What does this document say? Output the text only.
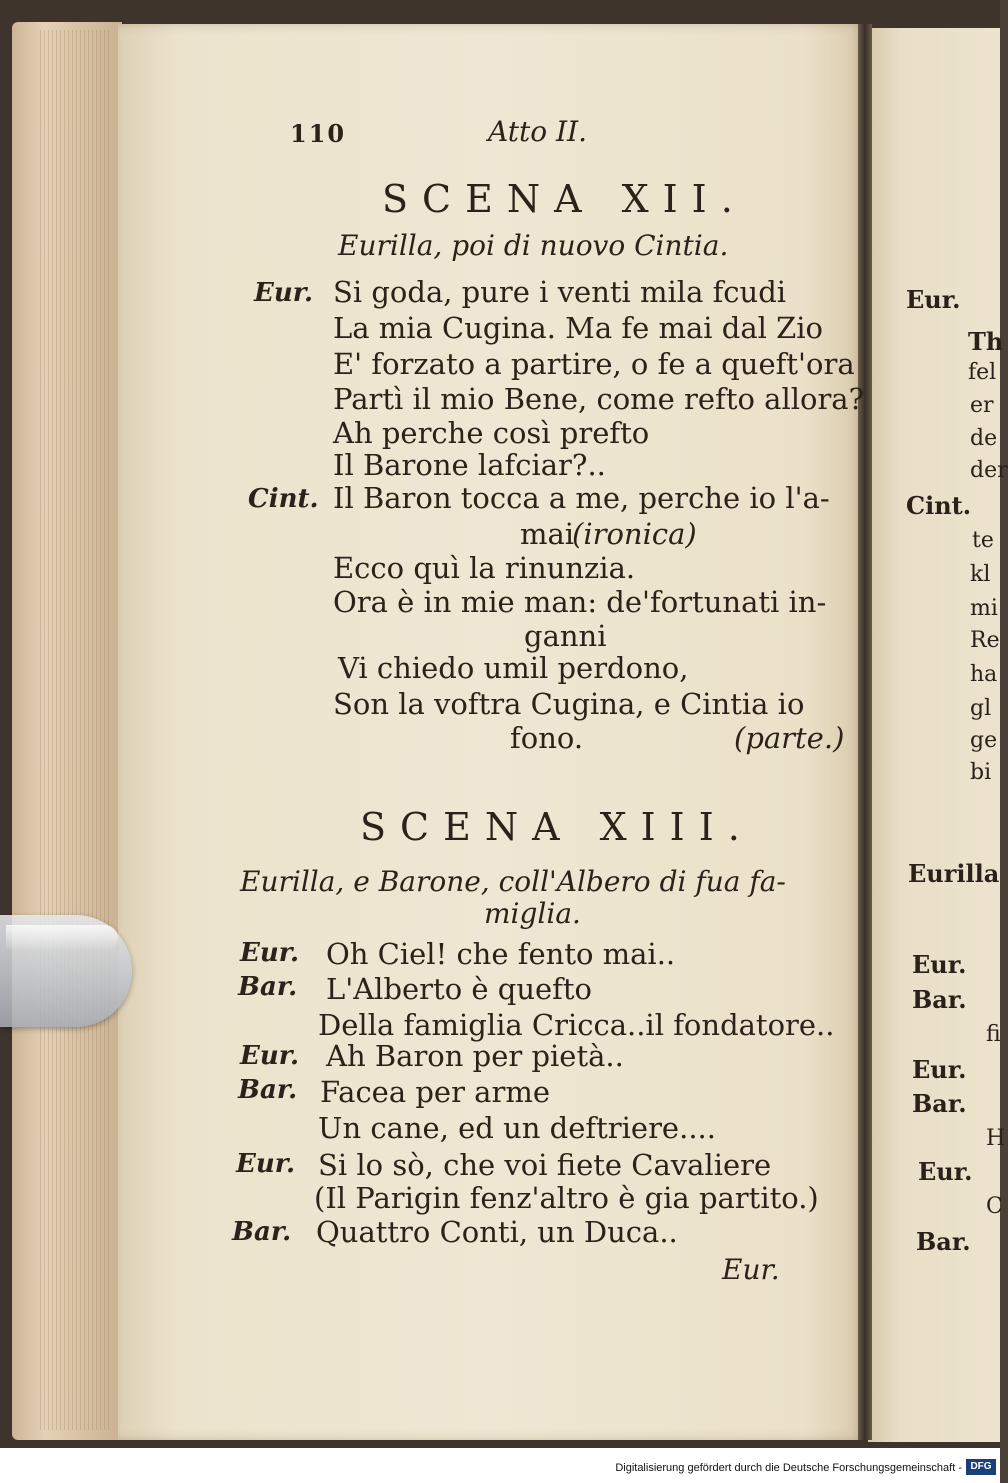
110	Atto II.
SCENA XII.
Eurilla, poi di nuovo Cintia.
Eur. Si goda, pure i venti mila fcudi
La mia Cugina. Ma fe mai dal Zio
E' forzato a partire, o fe a queft'ora
Partì il mio Bene, come refto allora?
Ah perche così prefto
Il Barone lafciar?..
Cint. Il Baron tocca a me, perche io l'a-
mai
(ironica)
Ecco quì la rinunzia.
Ora è in mie man: de'fortunati in-
ganni
Vi chiedo umil perdono,
Son la voftra Cugina, e Cintia io
fono.	(parte.)
SCENA XIII.
Eurilla, e Barone, coll'Albero di fua fa-
miglia.
Eur. Oh Ciel! che fento mai..
Bar. L'Alberto è quefto
Della famiglia Cricca..il fondatore..
Eur. Ah Baron per pietà..
Bar. Facea per arme
Un cane, ed un deftriere....
Eur. Si lo sò, che voi fiete Cavaliere
(Il Parigin fenz'altro è gia partito.)
Bar. Quattro Conti, un Duca..
Eur.
Eur.
Th
fel
er
de
der
Cint.
te
kl
mi
Re
ha
gl
ge
bi
Eurilla
Eur.
Bar.
fi
Eur.
Bar.
H
Eur.
C
Bar.
Digitalisierung gefördert durch die Deutsche Forschungsgemeinschaft - DFG
